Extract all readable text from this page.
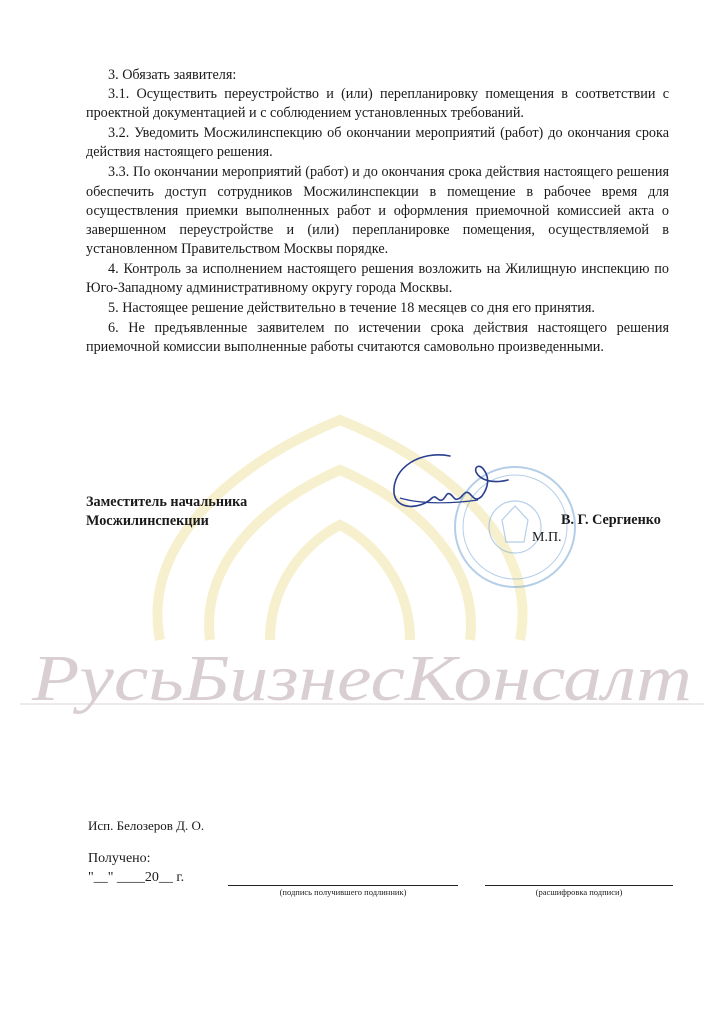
3. Обязать заявителя:

3.1. Осуществить переустройство и (или) перепланировку помещения в соответствии с проектной документацией и с соблюдением установленных требований.

3.2. Уведомить Мосжилинспекцию об окончании мероприятий (работ) до окончания срока действия настоящего решения.

3.3. По окончании мероприятий (работ) и до окончания срока действия настоящего решения обеспечить доступ сотрудников Мосжилинспекции в помещение в рабочее время для осуществления приемки выполненных работ и оформления приемочной комиссией акта о завершенном переустройстве и (или) перепланировке помещения, осуществляемой в установленном Правительством Москвы порядке.

4. Контроль за исполнением настоящего решения возложить на Жилищную инспекцию по Юго-Западному административному округу города Москвы.

5. Настоящее решение действительно в течение 18 месяцев со дня его принятия.

6. Не предъявленные заявителем по истечении срока действия настоящего решения приемочной комиссии выполненные работы считаются самовольно произведенными.

Заместитель начальника
Мосжилинспекции	В. Г. Сергиенко
М.П.
РусьБизнесКонсалт
Исп. Белозеров Д. О.
Получено:
"__" ____20__ г.
(подпись получившего подлинник)	(расшифровка подписи)
